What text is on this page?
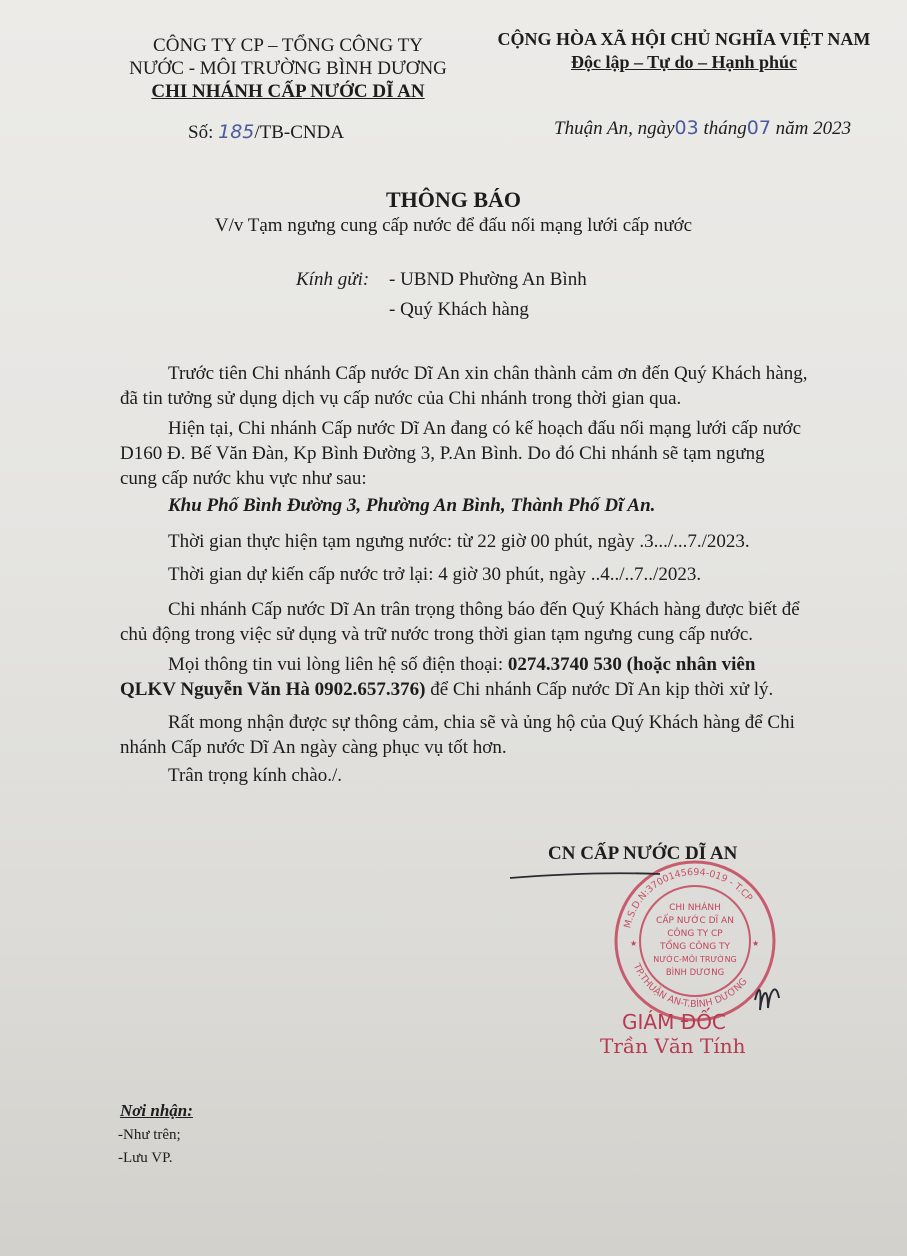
CÔNG TY CP – TỔNG CÔNG TY
NƯỚC - MÔI TRƯỜNG BÌNH DƯƠNG
CHI NHÁNH CẤP NƯỚC DĨ AN
CỘNG HÒA XÃ HỘI CHỦ NGHĨA VIỆT NAM
Độc lập – Tự do – Hạnh phúc
Số: 185/TB-CNDA	Thuận An, ngày03 tháng07 năm 2023
THÔNG BÁO
V/v Tạm ngưng cung cấp nước để đấu nối mạng lưới cấp nước
Kính gửi: - UBND Phường An Bình
- Quý Khách hàng
Trước tiên Chi nhánh Cấp nước Dĩ An xin chân thành cảm ơn đến Quý Khách hàng,
đã tin tưởng sử dụng dịch vụ cấp nước của Chi nhánh trong thời gian qua.
Hiện tại, Chi nhánh Cấp nước Dĩ An đang có kế hoạch đấu nối mạng lưới cấp nước
D160 Đ. Bế Văn Đàn, Kp Bình Đường 3, P.An Bình. Do đó Chi nhánh sẽ tạm ngưng
cung cấp nước khu vực như sau:
Khu Phố Bình Đường 3, Phường An Bình, Thành Phố Dĩ An.
Thời gian thực hiện tạm ngưng nước: từ 22 giờ 00 phút, ngày .3.../...7./2023.
Thời gian dự kiến cấp nước trở lại: 4 giờ 30 phút, ngày ..4../..7../2023.
Chi nhánh Cấp nước Dĩ An trân trọng thông báo đến Quý Khách hàng được biết để
chủ động trong việc sử dụng và trữ nước trong thời gian tạm ngưng cung cấp nước.
Mọi thông tin vui lòng liên hệ số điện thoại: 0274.3740 530 (hoặc nhân viên
QLKV Nguyễn Văn Hà 0902.657.376) để Chi nhánh Cấp nước Dĩ An kịp thời xử lý.
Rất mong nhận được sự thông cảm, chia sẽ và ủng hộ của Quý Khách hàng để Chi
nhánh Cấp nước Dĩ An ngày càng phục vụ tốt hơn.
Trân trọng kính chào./.
CN CẤP NƯỚC DĨ AN
M.S.D.N:3700145694-019 - T.CP
TP.THUẬN AN-T.BÌNH DƯƠNG
CHI NHÁNH
CẤP NƯỚC DĨ AN
CÔNG TY CP
TỔNG CÔNG TY
NƯỚC-MÔI TRƯỜNG
BÌNH DƯƠNG
★	★
GIÁM ĐỐC
Trần Văn Tính
Nơi nhận:
-Như trên;
-Lưu VP.
